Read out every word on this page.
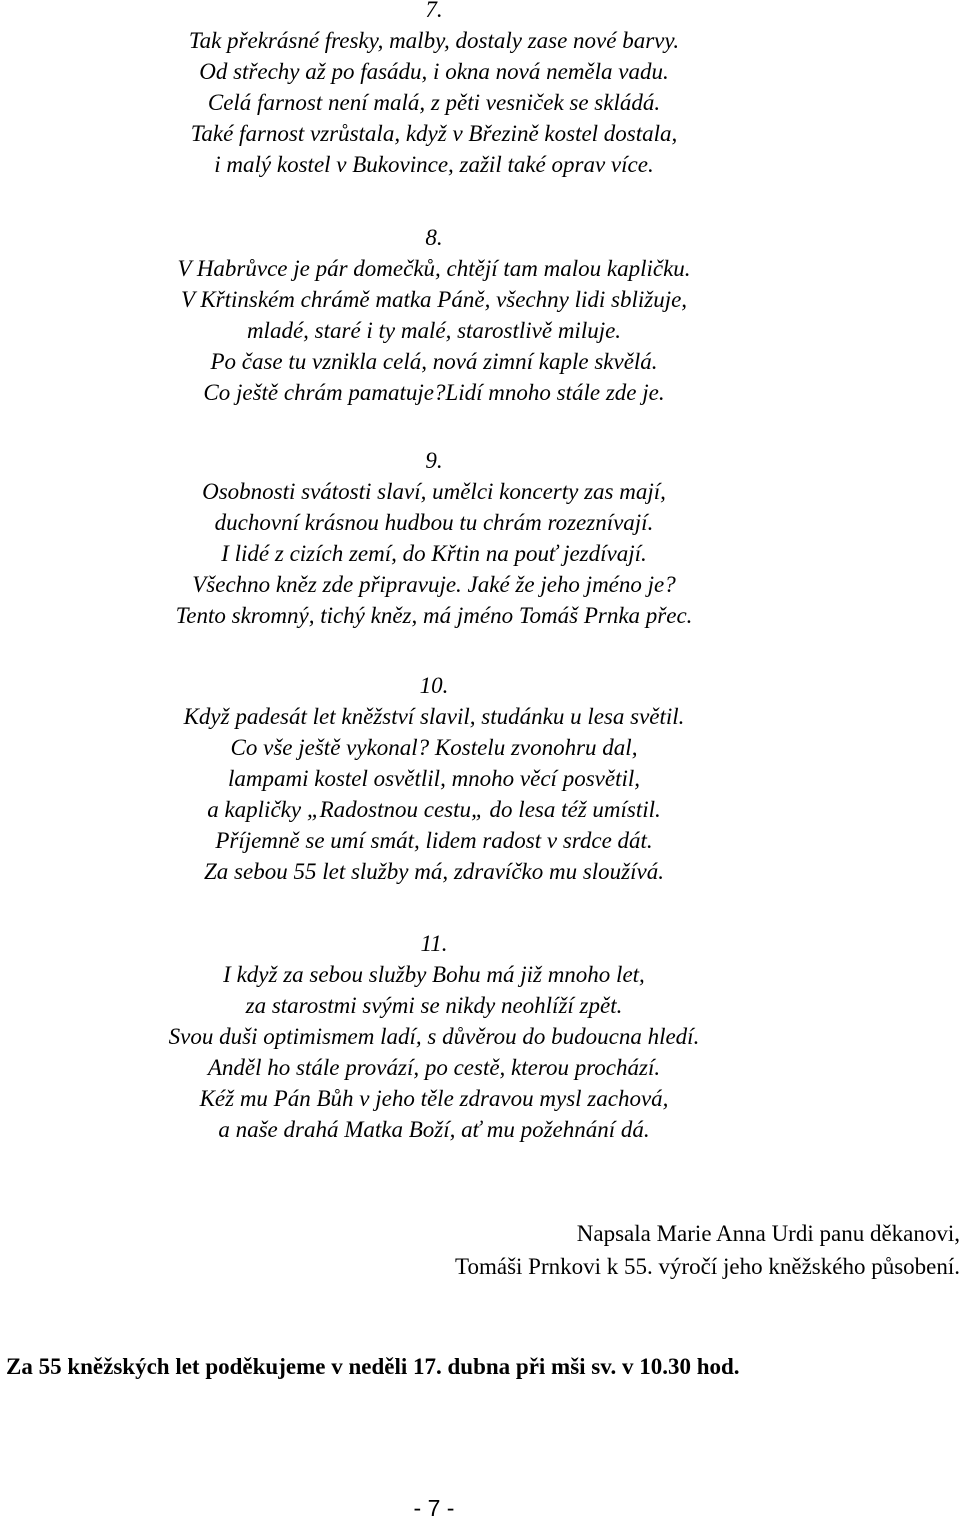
7.
Tak překrásné fresky, malby, dostaly zase nové barvy.
Od střechy až po fasádu, i okna nová neměla vadu.
Celá farnost není malá, z pěti vesniček se skládá.
Také farnost vzrůstala, když v Březině kostel dostala,
i malý kostel v Bukovince, zažil také oprav více.
8.
V Habrůvce je pár domečků, chtějí tam malou kapličku.
V Křtinském chrámě matka Páně, všechny lidi sbližuje,
mladé, staré i ty malé, starostlivě miluje.
Po čase tu vznikla celá, nová zimní kaple skvělá.
Co ještě chrám pamatuje?Lidí mnoho stále zde je.
9.
Osobnosti svátosti slaví, umělci koncerty zas mají,
duchovní krásnou hudbou tu chrám rozeznívají.
I lidé z cizích zemí, do Křtin na pouť jezdívají.
Všechno kněz zde připravuje. Jaké že jeho jméno je?
Tento skromný, tichý kněz, má jméno Tomáš Prnka přec.
10.
Když padesát let kněžství slavil, studánku u lesa světil.
Co vše ještě vykonal? Kostelu zvonohru dal,
lampami kostel osvětlil, mnoho věcí posvětil,
a kapličky „Radostnou cestu„ do lesa též umístil.
Příjemně se umí smát, lidem radost v srdce dát.
Za sebou 55 let služby má, zdravíčko mu sloužívá.
11.
I když za sebou služby Bohu má již mnoho let,
za starostmi svými se nikdy neohlíží zpět.
Svou duši optimismem ladí, s důvěrou do budoucna hledí.
Anděl ho stále provází, po cestě, kterou prochází.
Kéž mu Pán Bůh v jeho těle zdravou mysl zachová,
a naše drahá Matka Boží, ať mu požehnání dá.
Napsala Marie Anna Urdi panu děkanovi,
Tomáši Prnkovi k 55. výročí jeho kněžského působení.
Za 55 kněžských let poděkujeme v neděli 17. dubna při mši sv. v 10.30 hod.
- 7 -
